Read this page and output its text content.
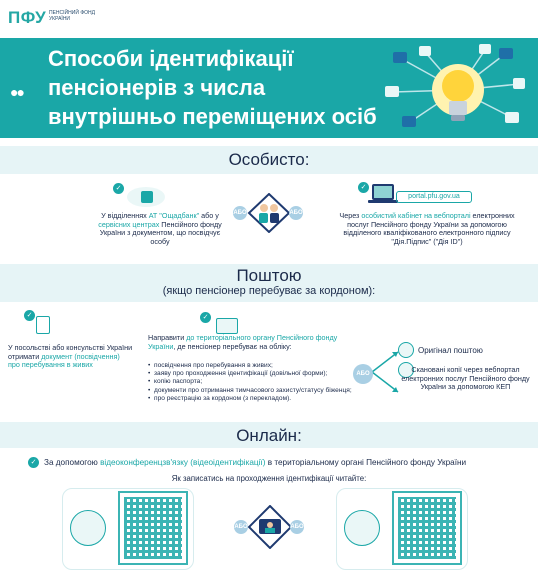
ПФУ ПЕНСІЙНИЙ ФОНД УКРАЇНИ
●●
Способи ідентифікації пенсіонерів з числа внутрішньо переміщених осіб
Особисто:
✓
У відділеннях АТ "Ощадбанк" або у сервісних центрах Пенсійного фонду України з документом, що посвідчує особу
АБО	АБО
✓
portal.pfu.gov.ua
Через особистий кабінет на вебпорталі електронних послуг Пенсійного фонду України за допомогою відділеного кваліфікованого електронного підпису "Дія.Підпис" ("Дія ID")
Поштою
(якщо пенсіонер перебуває за кордоном):
✓
У посольстві або консульстві України отримати документ (посвідчення) про перебування в живих
✓
Направити до територіального органу Пенсійного фонду України, де пенсіонер перебуває на обліку:
• посвідчення про перебування в живих;
• заяву про проходження ідентифікації (довільної форми);
• копію паспорта;
• документи про отримання тимчасового захисту/статусу біженця;
• про реєстрацію за кордоном (з перекладом).
АБО
Оригінал поштою
Скановані копії через вебпортал електронних послуг Пенсійного фонду України за допомогою КЕП
Онлайн:
✓ За допомогою відеоконференцзв'язку (відеоідентифікації) в територіальному органі Пенсійного фонду України
Як записатись на проходження ідентифікації читайте:
АБО	АБО
